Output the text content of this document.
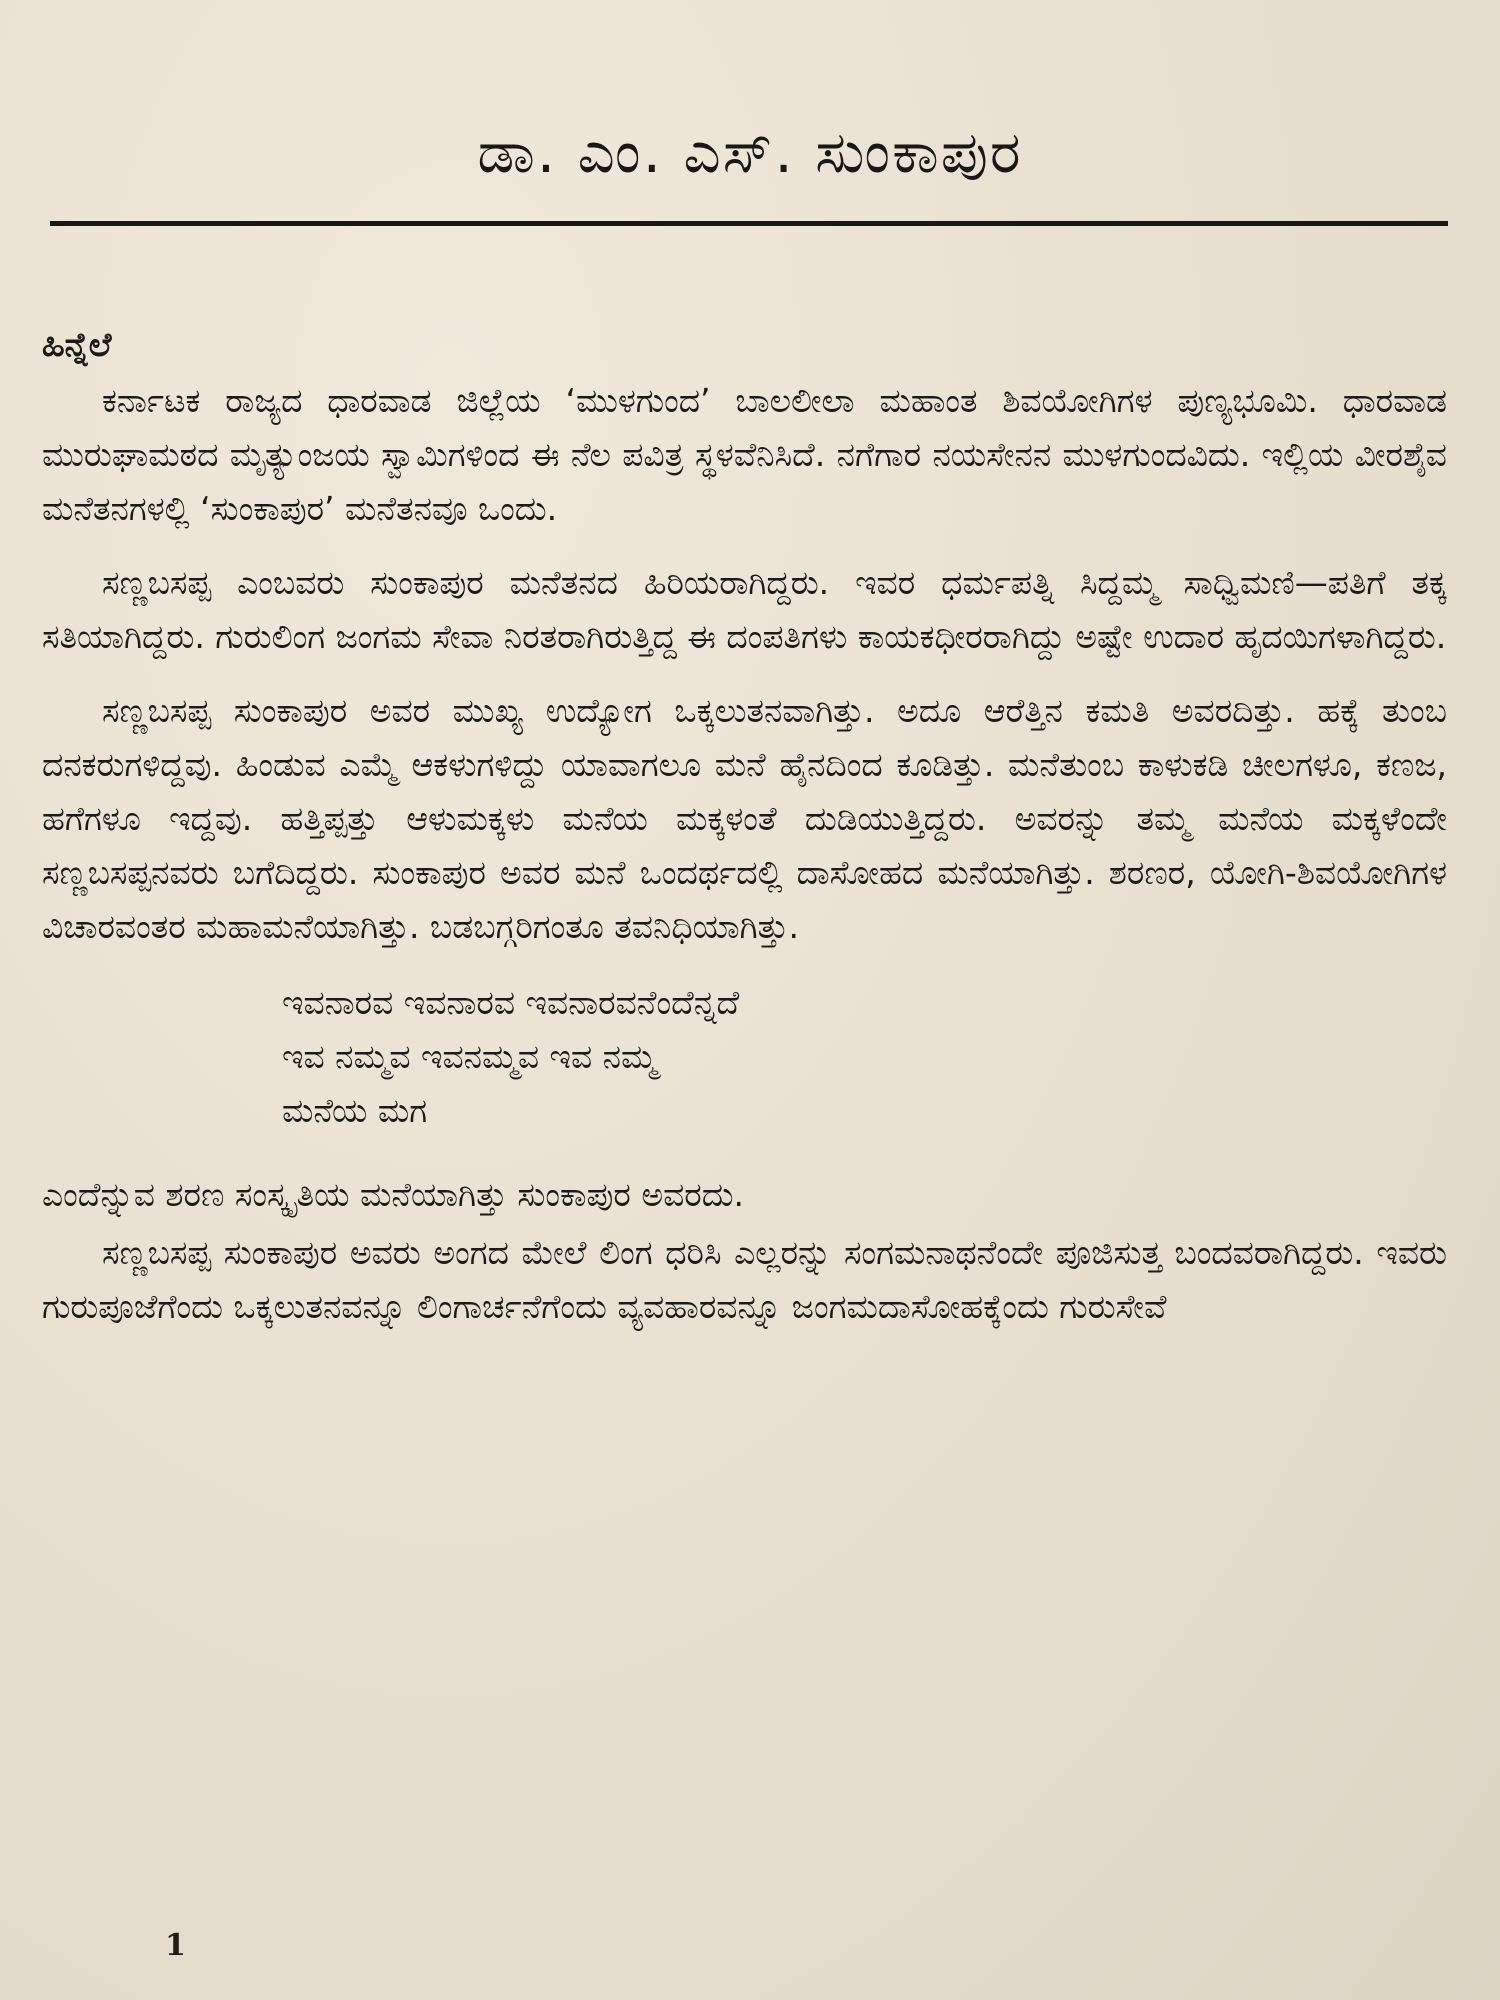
ಡಾ. ಎಂ. ಎಸ್. ಸುಂಕಾಪುರ

ಹಿನ್ನೆಲೆ

ಕರ್ನಾಟಕ ರಾಜ್ಯದ ಧಾರವಾಡ ಜಿಲ್ಲೆಯ ‘ಮುಳಗುಂದ’ ಬಾಲಲೀಲಾ ಮಹಾಂತ ಶಿವಯೋಗಿಗಳ ಪುಣ್ಯಭೂಮಿ. ಧಾರವಾಡ ಮುರುಘಾಮಠದ ಮೃತ್ಯುಂಜಯ ಸ್ವಾಮಿಗಳಿಂದ ಈ ನೆಲ ಪವಿತ್ರ ಸ್ಥಳವೆನಿಸಿದೆ. ನಗೆಗಾರ ನಯಸೇನನ ಮುಳಗುಂದವಿದು. ಇಲ್ಲಿಯ ವೀರಶೈವ ಮನೆತನಗಳಲ್ಲಿ ‘ಸುಂಕಾಪುರ’ ಮನೆತನವೂ ಒಂದು.

ಸಣ್ಣಬಸಪ್ಪ ಎಂಬವರು ಸುಂಕಾಪುರ ಮನೆತನದ ಹಿರಿಯರಾಗಿದ್ದರು. ಇವರ ಧರ್ಮಪತ್ನಿ ಸಿದ್ದಮ್ಮ ಸಾಧ್ವಿಮಣಿ—ಪತಿಗೆ ತಕ್ಕ ಸತಿಯಾಗಿದ್ದರು. ಗುರುಲಿಂಗ ಜಂಗಮ ಸೇವಾ ನಿರತರಾಗಿರುತ್ತಿದ್ದ ಈ ದಂಪತಿಗಳು ಕಾಯಕಧೀರರಾಗಿದ್ದು ಅಷ್ಟೇ ಉದಾರ ಹೃದಯಿಗಳಾಗಿದ್ದರು.

ಸಣ್ಣಬಸಪ್ಪ ಸುಂಕಾಪುರ ಅವರ ಮುಖ್ಯ ಉದ್ಯೋಗ ಒಕ್ಕಲುತನವಾಗಿತ್ತು. ಅದೂ ಆರೆತ್ತಿನ ಕಮತಿ ಅವರದಿತ್ತು. ಹಕ್ಕೆ ತುಂಬ ದನಕರುಗಳಿದ್ದವು. ಹಿಂಡುವ ಎಮ್ಮೆ ಆಕಳುಗಳಿದ್ದು ಯಾವಾಗಲೂ ಮನೆ ಹೈನದಿಂದ ಕೂಡಿತ್ತು. ಮನೆತುಂಬ ಕಾಳುಕಡಿ ಚೀಲಗಳೂ, ಕಣಜ, ಹಗೆಗಳೂ ಇದ್ದವು. ಹತ್ತಿಪ್ಪತ್ತು ಆಳುಮಕ್ಕಳು ಮನೆಯ ಮಕ್ಕಳಂತೆ ದುಡಿಯುತ್ತಿದ್ದರು. ಅವರನ್ನು ತಮ್ಮ ಮನೆಯ ಮಕ್ಕಳೆಂದೇ ಸಣ್ಣಬಸಪ್ಪನವರು ಬಗೆದಿದ್ದರು. ಸುಂಕಾಪುರ ಅವರ ಮನೆ ಒಂದರ್ಥದಲ್ಲಿ ದಾಸೋಹದ ಮನೆಯಾಗಿತ್ತು. ಶರಣರ, ಯೋಗಿ-ಶಿವಯೋಗಿಗಳ ವಿಚಾರವಂತರ ಮಹಾಮನೆಯಾಗಿತ್ತು. ಬಡಬಗ್ಗರಿಗಂತೂ ತವನಿಧಿಯಾಗಿತ್ತು.

ಇವನಾರವ ಇವನಾರವ ಇವನಾರವನೆಂದೆನ್ನದೆ
ಇವ ನಮ್ಮವ ಇವನಮ್ಮವ ಇವ ನಮ್ಮ
ಮನೆಯ ಮಗ

ಎಂದೆನ್ನುವ ಶರಣ ಸಂಸ್ಕೃತಿಯ ಮನೆಯಾಗಿತ್ತು ಸುಂಕಾಪುರ ಅವರದು.

ಸಣ್ಣಬಸಪ್ಪ ಸುಂಕಾಪುರ ಅವರು ಅಂಗದ ಮೇಲೆ ಲಿಂಗ ಧರಿಸಿ ಎಲ್ಲರನ್ನು ಸಂಗಮನಾಥನೆಂದೇ ಪೂಜಿಸುತ್ತ ಬಂದವರಾಗಿದ್ದರು. ಇವರು ಗುರುಪೂಜೆಗೆಂದು ಒಕ್ಕಲುತನವನ್ನೂ ಲಿಂಗಾರ್ಚನೆಗೆಂದು ವ್ಯವಹಾರವನ್ನೂ ಜಂಗಮದಾಸೋಹಕ್ಕೆಂದು ಗುರುಸೇವೆ

1
